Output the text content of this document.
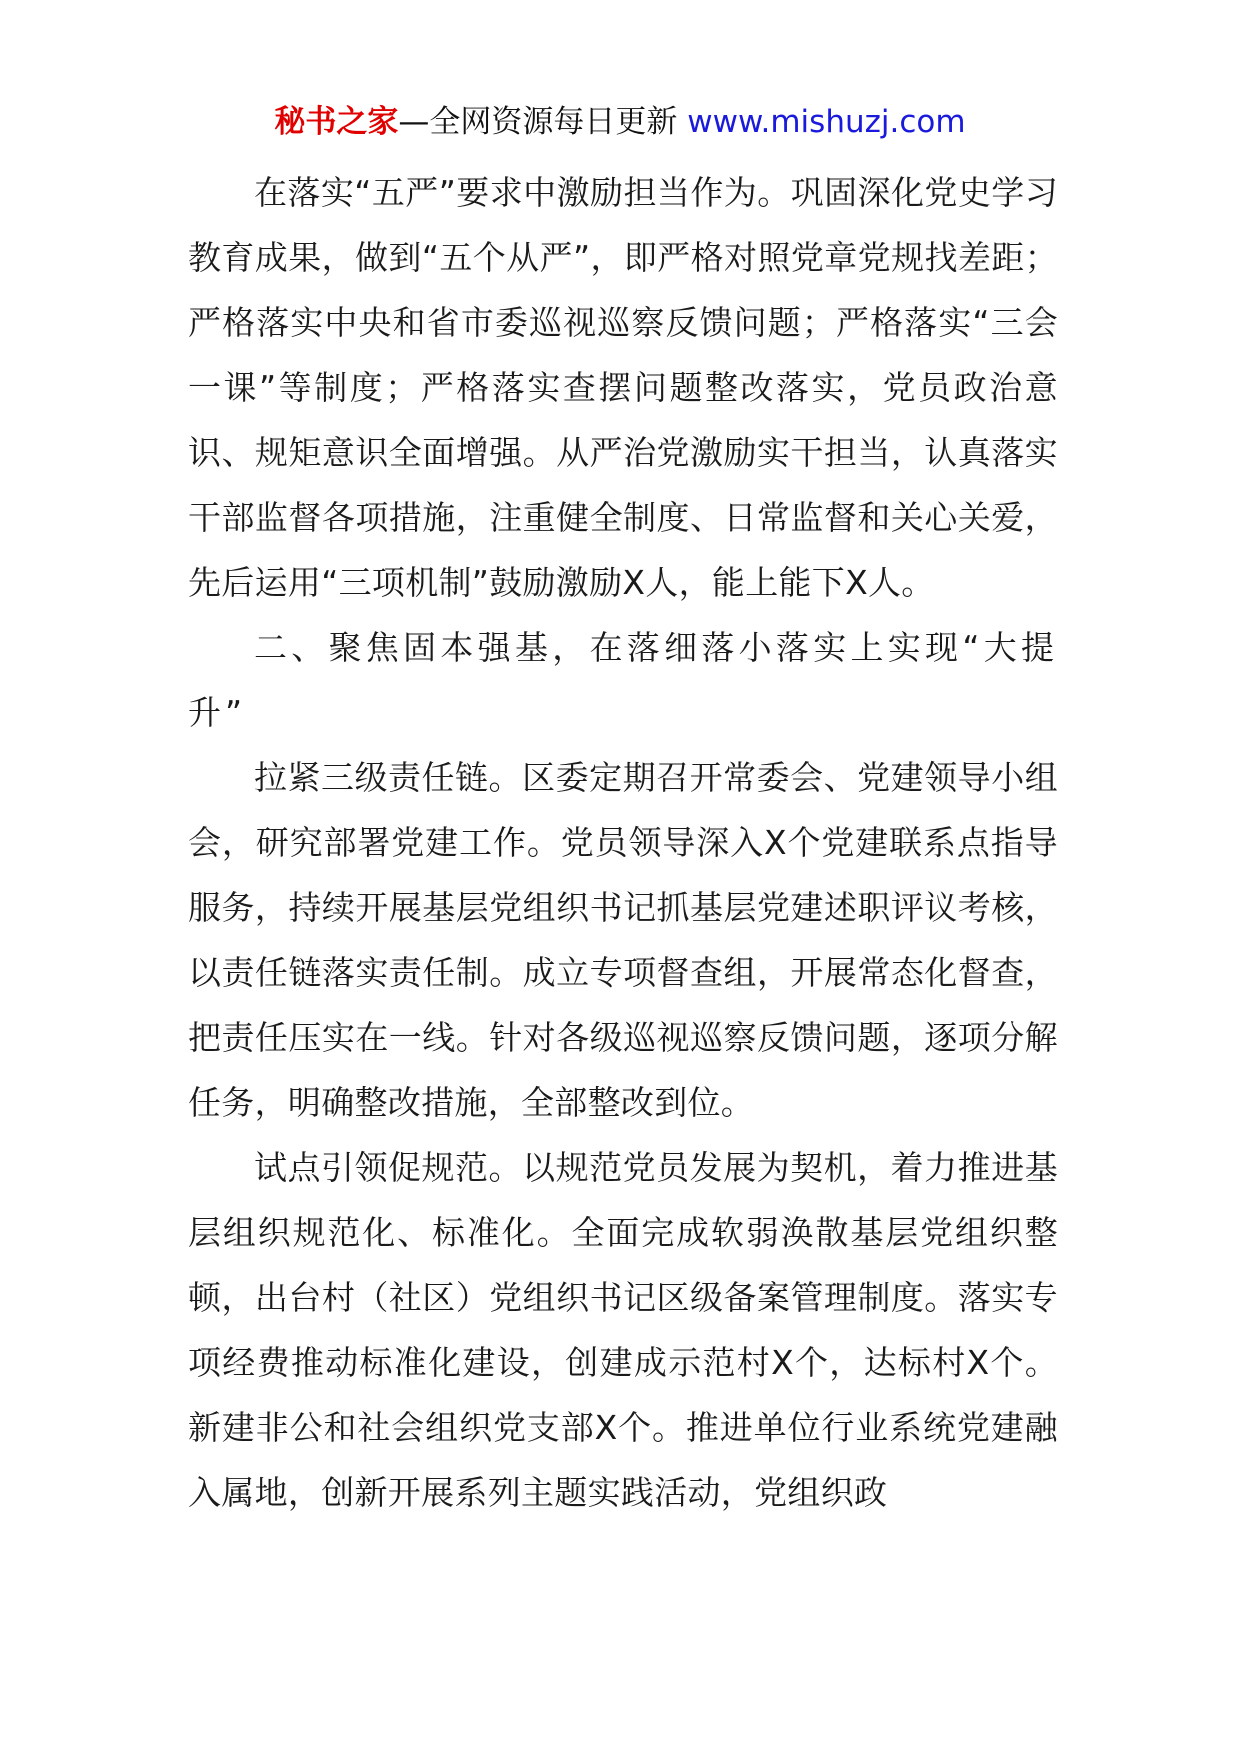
秘书之家—全网资源每日更新 www.mishuzj.com

在落实“五严”要求中激励担当作为。巩固深化党史学习教育成果，做到“五个从严”，即严格对照党章党规找差距；严格落实中央和省市委巡视巡察反馈问题；严格落实“三会一课”等制度；严格落实查摆问题整改落实，党员政治意识、规矩意识全面增强。从严治党激励实干担当，认真落实干部监督各项措施，注重健全制度、日常监督和关心关爱，先后运用“三项机制”鼓励激励X人，能上能下X人。

二、聚焦固本强基，在落细落小落实上实现“大提升”

拉紧三级责任链。区委定期召开常委会、党建领导小组会，研究部署党建工作。党员领导深入X个党建联系点指导服务，持续开展基层党组织书记抓基层党建述职评议考核，以责任链落实责任制。成立专项督查组，开展常态化督查，把责任压实在一线。针对各级巡视巡察反馈问题，逐项分解任务，明确整改措施，全部整改到位。

试点引领促规范。以规范党员发展为契机，着力推进基层组织规范化、标准化。全面完成软弱涣散基层党组织整顿，出台村（社区）党组织书记区级备案管理制度。落实专项经费推动标准化建设，创建成示范村X个，达标村X个。新建非公和社会组织党支部X个。推进单位行业系统党建融入属地，创新开展系列主题实践活动，党组织政
